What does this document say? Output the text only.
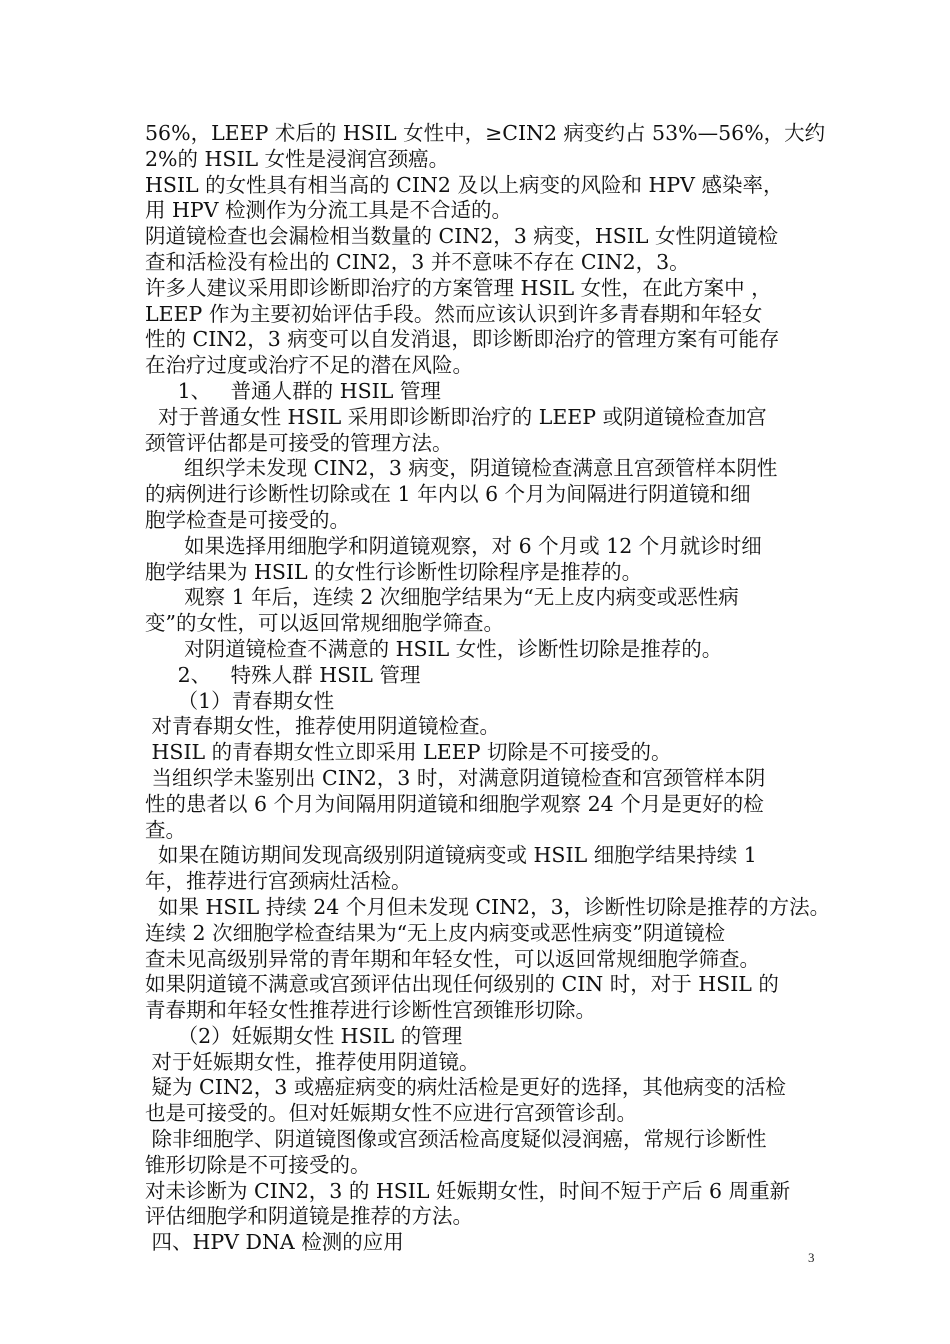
56%，LEEP 术后的 HSIL 女性中，≥CIN2 病变约占 53%—56%，大约
2%的 HSIL 女性是浸润宫颈癌。
HSIL 的女性具有相当高的 CIN2 及以上病变的风险和 HPV 感染率，
用 HPV 检测作为分流工具是不合适的。
阴道镜检查也会漏检相当数量的 CIN2，3 病变，HSIL 女性阴道镜检
查和活检没有检出的 CIN2，3 并不意味不存在 CIN2，3。
许多人建议采用即诊断即治疗的方案管理 HSIL 女性，在此方案中 ，
LEEP 作为主要初始评估手段。然而应该认识到许多青春期和年轻女
性的 CIN2，3 病变可以自发消退，即诊断即治疗的管理方案有可能存
在治疗过度或治疗不足的潜在风险。
1、   普通人群的 HSIL 管理
对于普通女性 HSIL 采用即诊断即治疗的 LEEP 或阴道镜检查加宫
颈管评估都是可接受的管理方法。
组织学未发现 CIN2，3 病变，阴道镜检查满意且宫颈管样本阴性
的病例进行诊断性切除或在 1 年内以 6 个月为间隔进行阴道镜和细
胞学检查是可接受的。
如果选择用细胞学和阴道镜观察，对 6 个月或 12 个月就诊时细
胞学结果为 HSIL 的女性行诊断性切除程序是推荐的。
观察 1 年后，连续 2 次细胞学结果为“无上皮内病变或恶性病
变”的女性，可以返回常规细胞学筛查。
对阴道镜检查不满意的 HSIL 女性，诊断性切除是推荐的。
2、   特殊人群 HSIL 管理
（1）青春期女性
对青春期女性，推荐使用阴道镜检查。
HSIL 的青春期女性立即采用 LEEP 切除是不可接受的。
当组织学未鉴别出 CIN2，3 时，对满意阴道镜检查和宫颈管样本阴
性的患者以 6 个月为间隔用阴道镜和细胞学观察 24 个月是更好的检
查。
如果在随访期间发现高级别阴道镜病变或 HSIL 细胞学结果持续 1
年，推荐进行宫颈病灶活检。
如果 HSIL 持续 24 个月但未发现 CIN2，3，诊断性切除是推荐的方法。
连续 2 次细胞学检查结果为“无上皮内病变或恶性病变”阴道镜检
查未见高级别异常的青年期和年轻女性，可以返回常规细胞学筛查。
如果阴道镜不满意或宫颈评估出现任何级别的 CIN 时，对于 HSIL 的
青春期和年轻女性推荐进行诊断性宫颈锥形切除。
（2）妊娠期女性 HSIL 的管理
对于妊娠期女性，推荐使用阴道镜。
疑为 CIN2，3 或癌症病变的病灶活检是更好的选择，其他病变的活检
也是可接受的。但对妊娠期女性不应进行宫颈管诊刮。
除非细胞学、阴道镜图像或宫颈活检高度疑似浸润癌，常规行诊断性
锥形切除是不可接受的。
对未诊断为 CIN2，3 的 HSIL 妊娠期女性，时间不短于产后 6 周重新
评估细胞学和阴道镜是推荐的方法。
四、HPV DNA 检测的应用
3
